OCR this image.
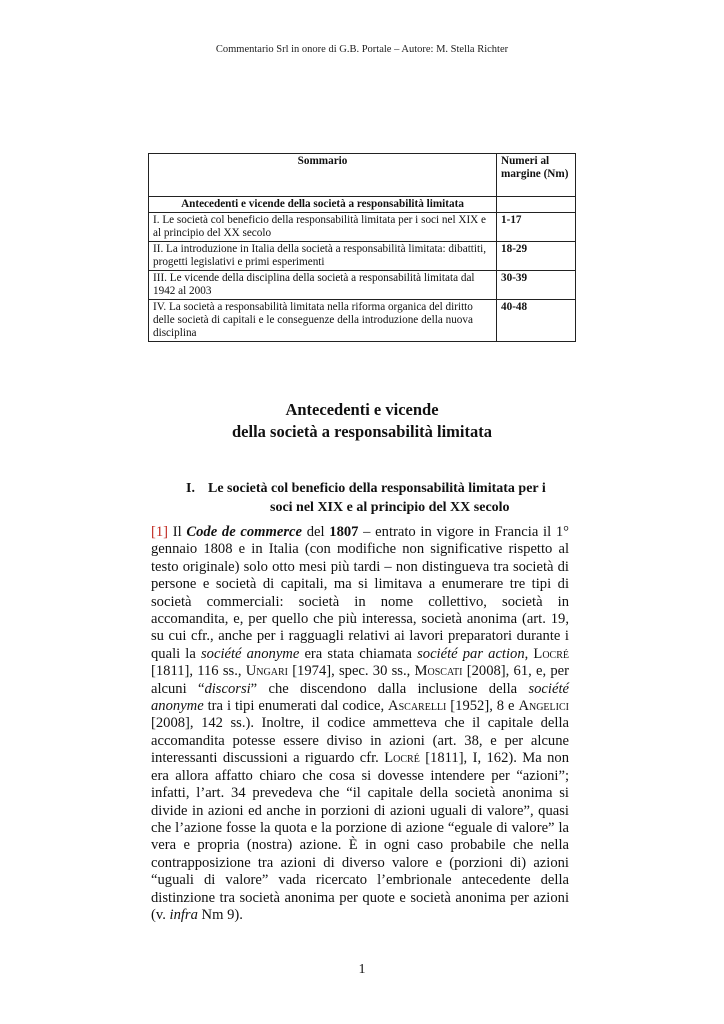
Commentario Srl in onore di G.B. Portale – Autore: M. Stella Richter
Sommario	Numeri al margine (Nm)
Antecedenti e vicende della società a responsabilità limitata	
I. Le società col beneficio della responsabilità limitata per i soci nel XIX e al principio del XX secolo	1-17
II. La introduzione in Italia della società a responsabilità limitata: dibattiti, progetti legislativi e primi esperimenti	18-29
III. Le vicende della disciplina della società a responsabilità limitata dal 1942 al 2003	30-39
IV. La società a responsabilità limitata nella riforma organica del diritto delle società di capitali e le conseguenze della introduzione della nuova disciplina	40-48
Antecedenti e vicende
della società a responsabilità limitata
I. Le società col beneficio della responsabilità limitata per i
soci nel XIX e al principio del XX secolo
[1] Il Code de commerce del 1807 – entrato in vigore in Francia il 1° gennaio 1808 e in Italia (con modifiche non significative rispetto al testo originale) solo otto mesi più tardi – non distingueva tra società di persone e società di capitali, ma si limitava a enumerare tre tipi di società commerciali: società in nome collettivo, società in accomandita, e, per quello che più interessa, società anonima (art. 19, su cui cfr., anche per i ragguagli relativi ai lavori preparatori durante i quali la société anonyme era stata chiamata société par action, Locré [1811], 116 ss., Ungari [1974], spec. 30 ss., Moscati [2008], 61, e, per alcuni “discorsi” che discendono dalla inclusione della société anonyme tra i tipi enumerati dal codice, Ascarelli [1952], 8 e Angelici [2008], 142 ss.). Inoltre, il codice ammetteva che il capitale della accomandita potesse essere diviso in azioni (art. 38, e per alcune interessanti discussioni a riguardo cfr. Locré [1811], I, 162). Ma non era allora affatto chiaro che cosa si dovesse intendere per “azioni”; infatti, l’art. 34 prevedeva che “il capitale della società anonima si divide in azioni ed anche in porzioni di azioni uguali di valore”, quasi che l’azione fosse la quota e la porzione di azione “eguale di valore” la vera e propria (nostra) azione. È in ogni caso probabile che nella contrapposizione tra azioni di diverso valore e (porzioni di) azioni “uguali di valore” vada ricercato l’embrionale antecedente della distinzione tra società anonima per quote e società anonima per azioni (v. infra Nm 9).
1
